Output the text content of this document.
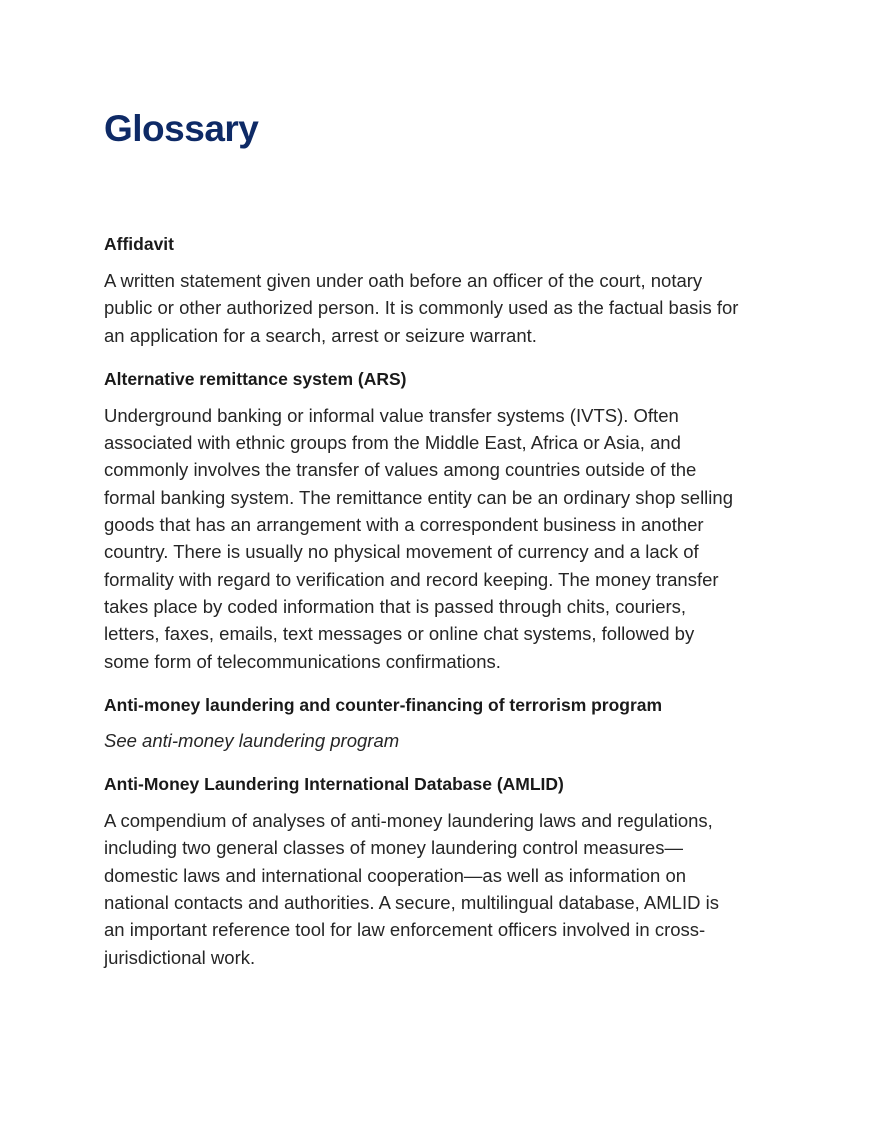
Glossary
Affidavit

A written statement given under oath before an officer of the court, notary public or other authorized person. It is commonly used as the factual basis for an application for a search, arrest or seizure warrant.

Alternative remittance system (ARS)

Underground banking or informal value transfer systems (IVTS). Often associated with ethnic groups from the Middle East, Africa or Asia, and commonly involves the transfer of values among countries outside of the formal banking system. The remittance entity can be an ordinary shop selling goods that has an arrangement with a correspondent business in another country. There is usually no physical movement of currency and a lack of formality with regard to verification and record keeping. The money transfer takes place by coded information that is passed through chits, couriers, letters, faxes, emails, text messages or online chat systems, followed by some form of telecommunications confirmations.

Anti-money laundering and counter-financing of terrorism program

See anti-money laundering program

Anti-Money Laundering International Database (AMLID)

A compendium of analyses of anti-money laundering laws and regulations, including two general classes of money laundering control measures—domestic laws and international cooperation—as well as information on national contacts and authorities. A secure, multilingual database, AMLID is an important reference tool for law enforcement officers involved in cross-jurisdictional work.
